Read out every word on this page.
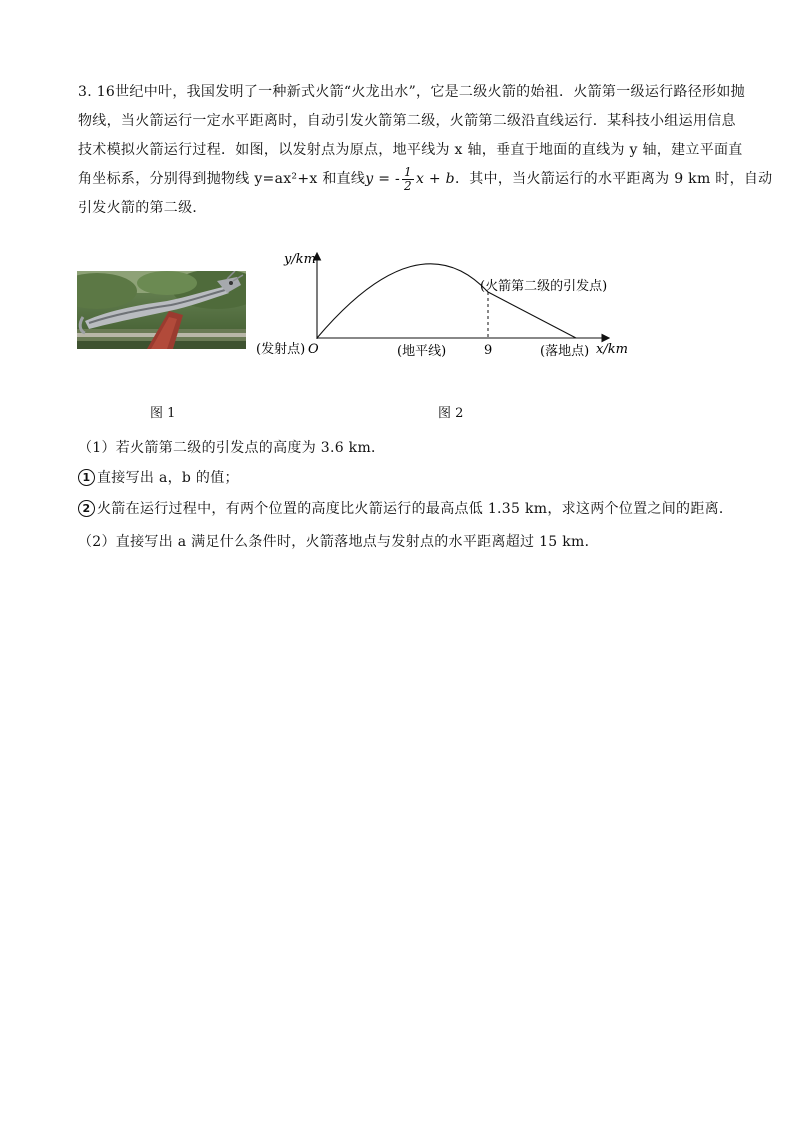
3. 16世纪中叶，我国发明了一种新式火箭“火龙出水”，它是二级火箭的始祖．火箭第一级运行路径形如抛
物线，当火箭运行一定水平距离时，自动引发火箭第二级，火箭第二级沿直线运行．某科技小组运用信息
技术模拟火箭运行过程．如图，以发射点为原点，地平线为 x 轴，垂直于地面的直线为 y 轴，建立平面直
角坐标系，分别得到抛物线 y=ax²+x 和直线y = - $\frac{1}{2}$ x + b．其中，当火箭运行的水平距离为 9 km 时，自动
引发火箭的第二级．
图 1
y/km
x/km
O
(发射点)	(地平线)	9	(落地点)
(火箭第二级的引发点)
图 2
（1）若火箭第二级的引发点的高度为 3.6 km．
1 直接写出 a，b 的值；
2 火箭在运行过程中，有两个位置的高度比火箭运行的最高点低 1.35 km，求这两个位置之间的距离．
（2）直接写出 a 满足什么条件时，火箭落地点与发射点的水平距离超过 15 km．
